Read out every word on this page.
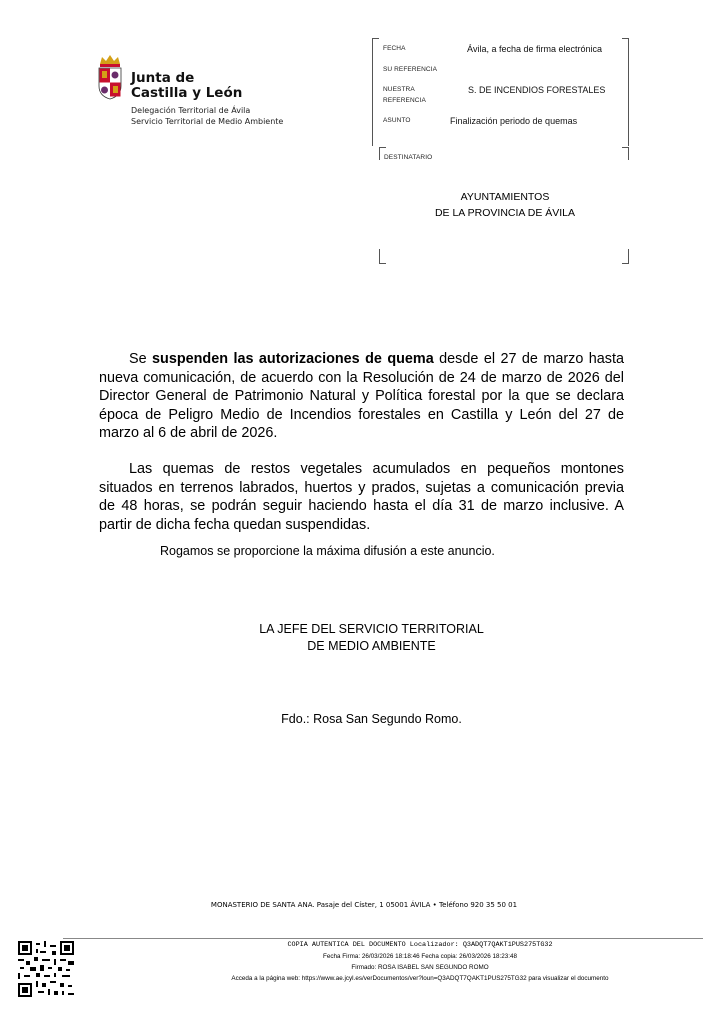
Junta de
Castilla y León
Delegación Territorial de Ávila
Servicio Territorial de Medio Ambiente
FECHA	Ávila, a fecha de firma electrónica
SU REFERENCIA
NUESTRA
REFERENCIA
S. DE INCENDIOS FORESTALES
ASUNTO	Finalización periodo de quemas
DESTINATARIO
AYUNTAMIENTOS
DE LA PROVINCIA DE ÁVILA

Se suspenden las autorizaciones de quema desde el 27 de marzo hasta nueva comunicación, de acuerdo con la Resolución de 24 de marzo de 2026 del Director General de Patrimonio Natural y Política forestal por la que se declara época de Peligro Medio de Incendios forestales en Castilla y León del 27 de marzo al 6 de abril de 2026.

Las quemas de restos vegetales acumulados en pequeños montones situados en terrenos labrados, huertos y prados, sujetas a comunicación previa de 48 horas, se podrán seguir haciendo hasta el día 31 de marzo inclusive. A partir de dicha fecha quedan suspendidas.

Rogamos se proporcione la máxima difusión a este anuncio.
LA JEFE DEL SERVICIO TERRITORIAL
DE MEDIO AMBIENTE
Fdo.: Rosa San Segundo Romo.
MONASTERIO DE SANTA ANA. Pasaje del Císter, 1 05001 ÁVILA • Teléfono 920 35 50 01
COPIA AUTENTICA DEL DOCUMENTO Localizador: Q3ADQT7QAKT1PUS275TG32
Fecha Firma: 26/03/2026 18:18:46 Fecha copia: 26/03/2026 18:23:48
Firmado: ROSA ISABEL SAN SEGUNDO ROMO
Acceda a la página web: https://www.ae.jcyl.es/verDocumentos/ver?loun=Q3ADQT7QAKT1PUS275TG32 para visualizar el documento
